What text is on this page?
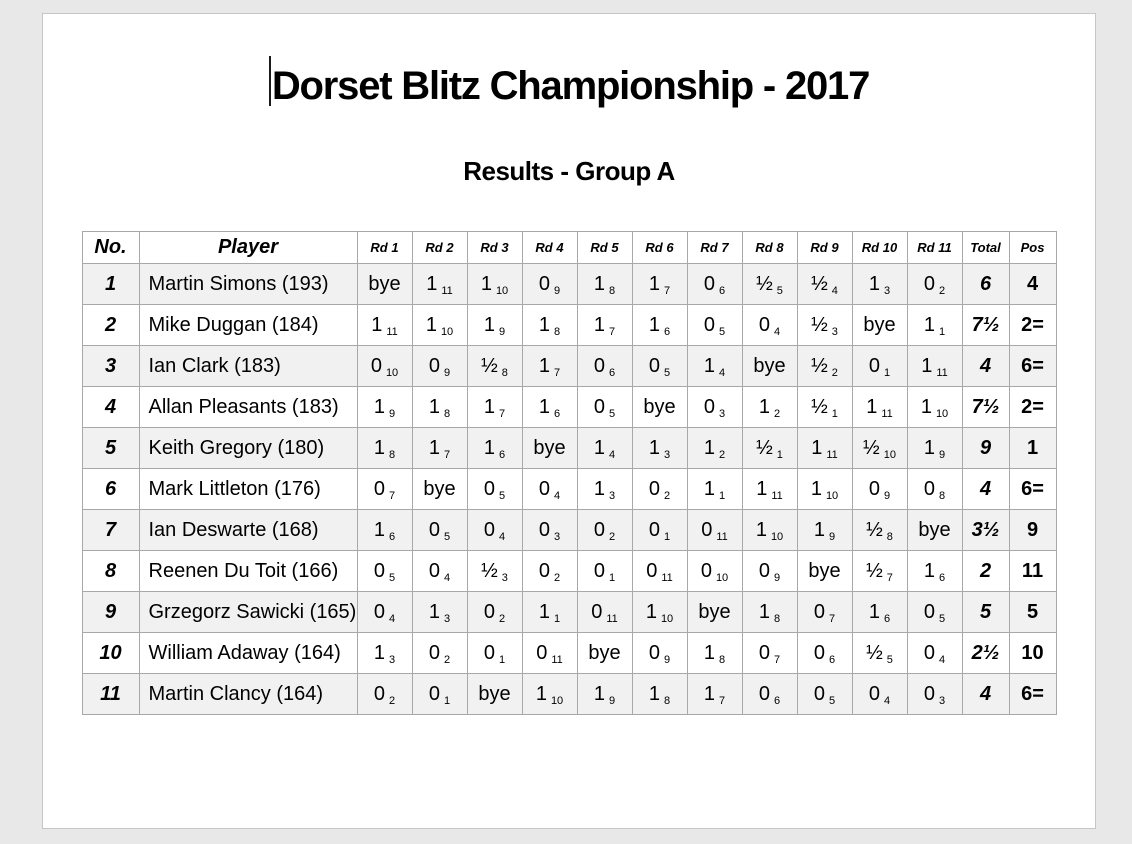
Dorset Blitz Championship - 2017
Results - Group A
No.	Player	Rd 1	Rd 2	Rd 3	Rd 4	Rd 5	Rd 6	Rd 7	Rd 8	Rd 9	Rd 10	Rd 11	Total	Pos
1	Martin Simons (193)	bye	1 $_{11}$	1 $_{10}$	0 $_9$	1 $_8$	1 $_7$	0 $_6$	½ $_5$	½ $_4$	1 $_3$	0 $_2$	6	4
2	Mike Duggan (184)	1 $_{11}$	1 $_{10}$	1 $_9$	1 $_8$	1 $_7$	1 $_6$	0 $_5$	0 $_4$	½ $_3$	bye	1 $_1$	7½	2=
3	Ian Clark (183)	0 $_{10}$	0 $_9$	½ $_8$	1 $_7$	0 $_6$	0 $_5$	1 $_4$	bye	½ $_2$	0 $_1$	1 $_{11}$	4	6=
4	Allan Pleasants (183)	1 $_9$	1 $_8$	1 $_7$	1 $_6$	0 $_5$	bye	0 $_3$	1 $_2$	½ $_1$	1 $_{11}$	1 $_{10}$	7½	2=
5	Keith Gregory (180)	1 $_8$	1 $_7$	1 $_6$	bye	1 $_4$	1 $_3$	1 $_2$	½ $_1$	1 $_{11}$	½ $_{10}$	1 $_9$	9	1
6	Mark Littleton (176)	0 $_7$	bye	0 $_5$	0 $_4$	1 $_3$	0 $_2$	1 $_1$	1 $_{11}$	1 $_{10}$	0 $_9$	0 $_8$	4	6=
7	Ian Deswarte (168)	1 $_6$	0 $_5$	0 $_4$	0 $_3$	0 $_2$	0 $_1$	0 $_{11}$	1 $_{10}$	1 $_9$	½ $_8$	bye	3½	9
8	Reenen Du Toit (166)	0 $_5$	0 $_4$	½ $_3$	0 $_2$	0 $_1$	0 $_{11}$	0 $_{10}$	0 $_9$	bye	½ $_7$	1 $_6$	2	11
9	Grzegorz Sawicki (165)	0 $_4$	1 $_3$	0 $_2$	1 $_1$	0 $_{11}$	1 $_{10}$	bye	1 $_8$	0 $_7$	1 $_6$	0 $_5$	5	5
10	William Adaway (164)	1 $_3$	0 $_2$	0 $_1$	0 $_{11}$	bye	0 $_9$	1 $_8$	0 $_7$	0 $_6$	½ $_5$	0 $_4$	2½	10
11	Martin Clancy (164)	0 $_2$	0 $_1$	bye	1 $_{10}$	1 $_9$	1 $_8$	1 $_7$	0 $_6$	0 $_5$	0 $_4$	0 $_3$	4	6=
